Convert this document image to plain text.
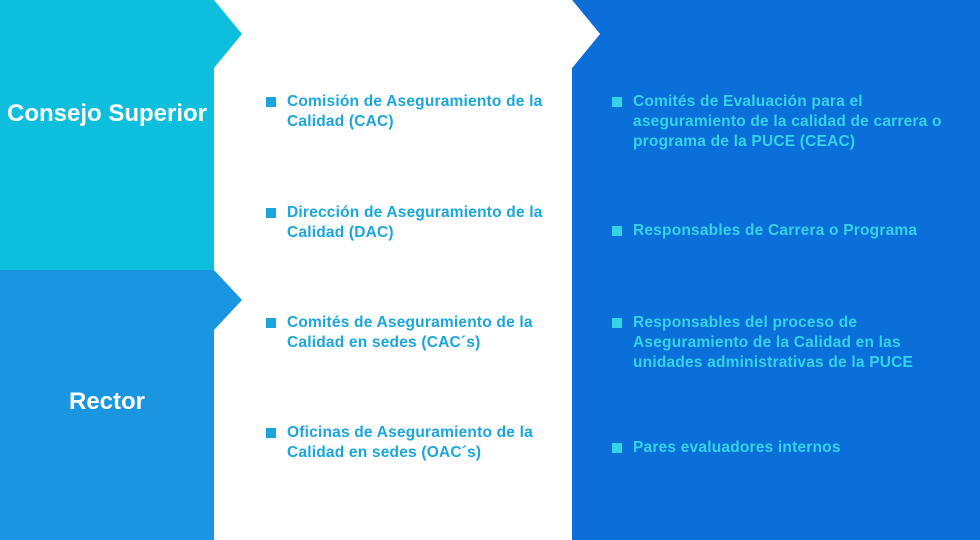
Consejo Superior
Rector
Comisión de Aseguramiento de la Calidad (CAC)
Dirección de Aseguramiento de la Calidad (DAC)
Comités de Aseguramiento de la Calidad en sedes (CAC´s)
Oficinas de Aseguramiento de la Calidad en sedes (OAC´s)
Comités de Evaluación para el aseguramiento de la calidad de carrera o programa de la PUCE (CEAC)
Responsables de Carrera o Programa
Responsables del proceso de Aseguramiento de la Calidad en las unidades administrativas de la PUCE
Pares evaluadores internos
